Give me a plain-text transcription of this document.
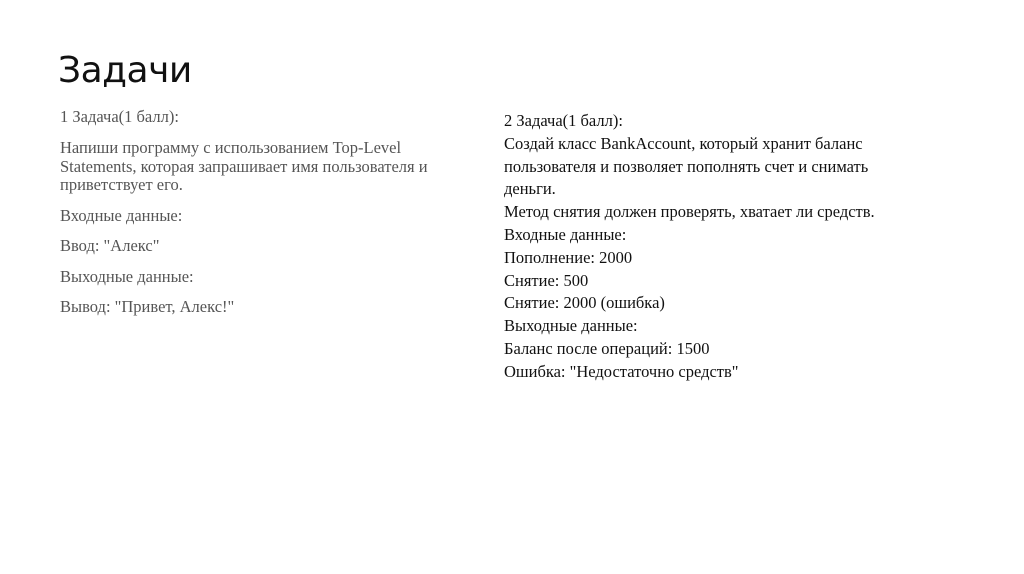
Задачи

1 Задача(1 балл):

Напиши программу с использованием Top-Level Statements, которая запрашивает имя пользователя и приветствует его.

Входные данные:

Ввод: "Алекс"

Выходные данные:

Вывод: "Привет, Алекс!"

2 Задача(1 балл):
Создай класс BankAccount, который хранит баланс
пользователя и позволяет пополнять счет и снимать
деньги.
Метод снятия должен проверять, хватает ли средств.
Входные данные:
Пополнение: 2000
Снятие: 500
Снятие: 2000 (ошибка)
Выходные данные:
Баланс после операций: 1500
Ошибка: "Недостаточно средств"
